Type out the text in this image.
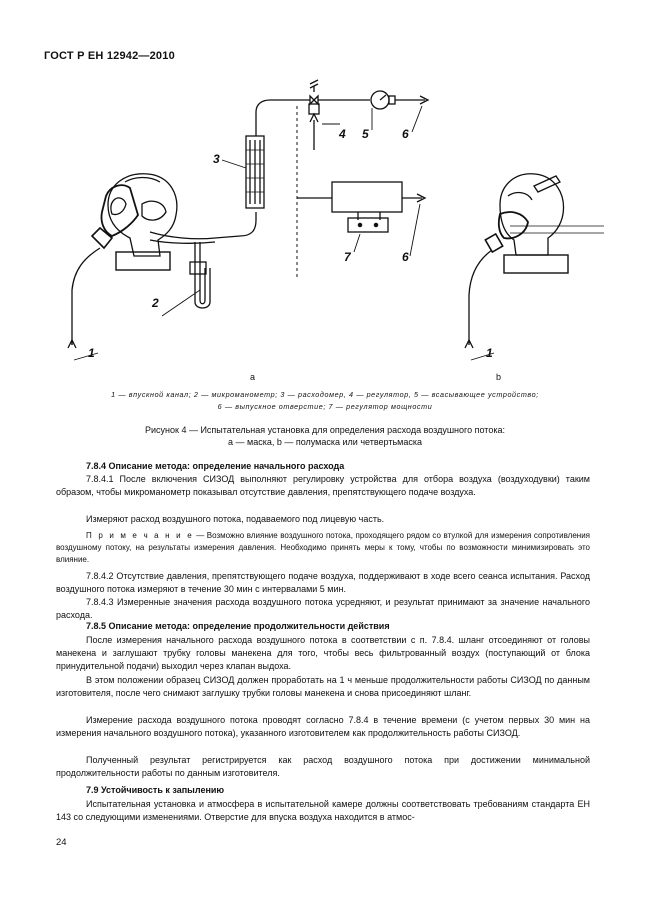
ГОСТ Р ЕН 12942—2010
1
2
3
4 5	6
7	6
1
a	b
1 — впускной канал; 2 — микроманометр; 3 — расходомер, 4 — регулятор, 5 — всасывающее устройство;
6 — выпускное отверстие; 7 — регулятор мощности
Рисунок 4 — Испытательная установка для определения расхода воздушного потока:
а — маска, b — полумаска или четвертьмаска
7.8.4 Описание метода: определение начального расхода
7.8.4.1 После включения СИЗОД выполняют регулировку устройства для отбора воздуха (воздуходувки) таким образом, чтобы микроманометр показывал отсутствие давления, препятствующего подаче воздуха.
Измеряют расход воздушного потока, подаваемого под лицевую часть.
П р и м е ч а н и е — Возможно влияние воздушного потока, проходящего рядом со втулкой для измерения сопротивления воздушному потоку, на результаты измерения давления. Необходимо принять меры к тому, чтобы по возможности минимизировать это влияние.
7.8.4.2 Отсутствие давления, препятствующего подаче воздуха, поддерживают в ходе всего сеанса испытания. Расход воздушного потока измеряют в течение 30 мин с интервалами 5 мин.
7.8.4.3 Измеренные значения расхода воздушного потока усредняют, и результат принимают за значение начального расхода.
7.8.5 Описание метода: определение продолжительности действия
После измерения начального расхода воздушного потока в соответствии с п. 7.8.4. шланг отсоединяют от головы манекена и заглушают трубку головы манекена для того, чтобы весь фильтрованный воздух (поступающий от блока принудительной подачи) выходил через клапан выдоха.
В этом положении образец СИЗОД должен проработать на 1 ч меньше продолжительности работы СИЗОД по данным изготовителя, после чего снимают заглушку трубки головы манекена и снова присоединяют шланг.
Измерение расхода воздушного потока проводят согласно 7.8.4 в течение времени (с учетом первых 30 мин на измерения начального воздушного потока), указанного изготовителем как продолжительность работы СИЗОД.
Полученный результат регистрируется как расход воздушного потока при достижении минимальной продолжительности работы по данным изготовителя.
7.9 Устойчивость к запылению
Испытательная установка и атмосфера в испытательной камере должны соответствовать требованиям стандарта ЕН 143 со следующими изменениями. Отверстие для впуска воздуха находится в атмос-
24
